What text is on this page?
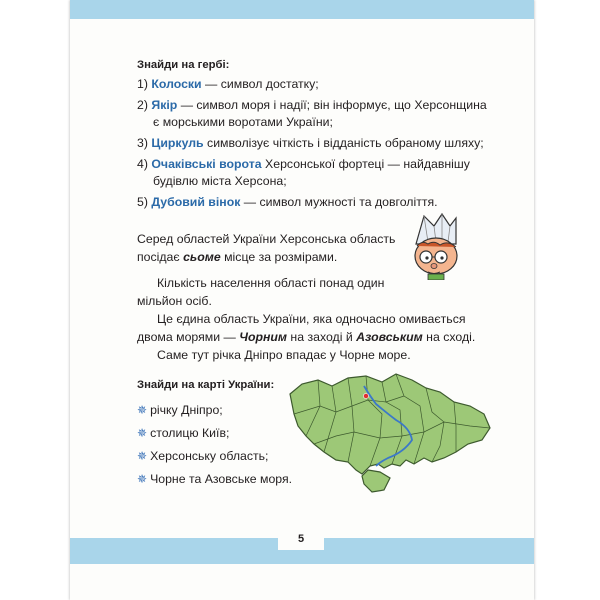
Знайди на гербі:
1) Колоски — символ достатку;
2) Якір — символ моря і надії; він інформує, що Херсонщина
є морськими воротами України;
3) Циркуль символізує чіткість і відданість обраному шляху;
4) Очаківські ворота Херсонської фортеці — найдавнішу
будівлю міста Херсона;
5) Дубовий вінок — символ мужності та довголіття.
Серед областей України Херсонська область
посідає сьоме місце за розмірами.
Кількість населення області понад один
мільйон осіб.
Це єдина область України, яка одночасно омивається
двома морями — Чорним на заході й Азовським на сході.
Саме тут річка Дніпро впадає у Чорне море.
Знайди на карті України:
✵ річку Дніпро;
✵ столицю Київ;
✵ Херсонську область;
✵ Чорне та Азовське моря.
5
